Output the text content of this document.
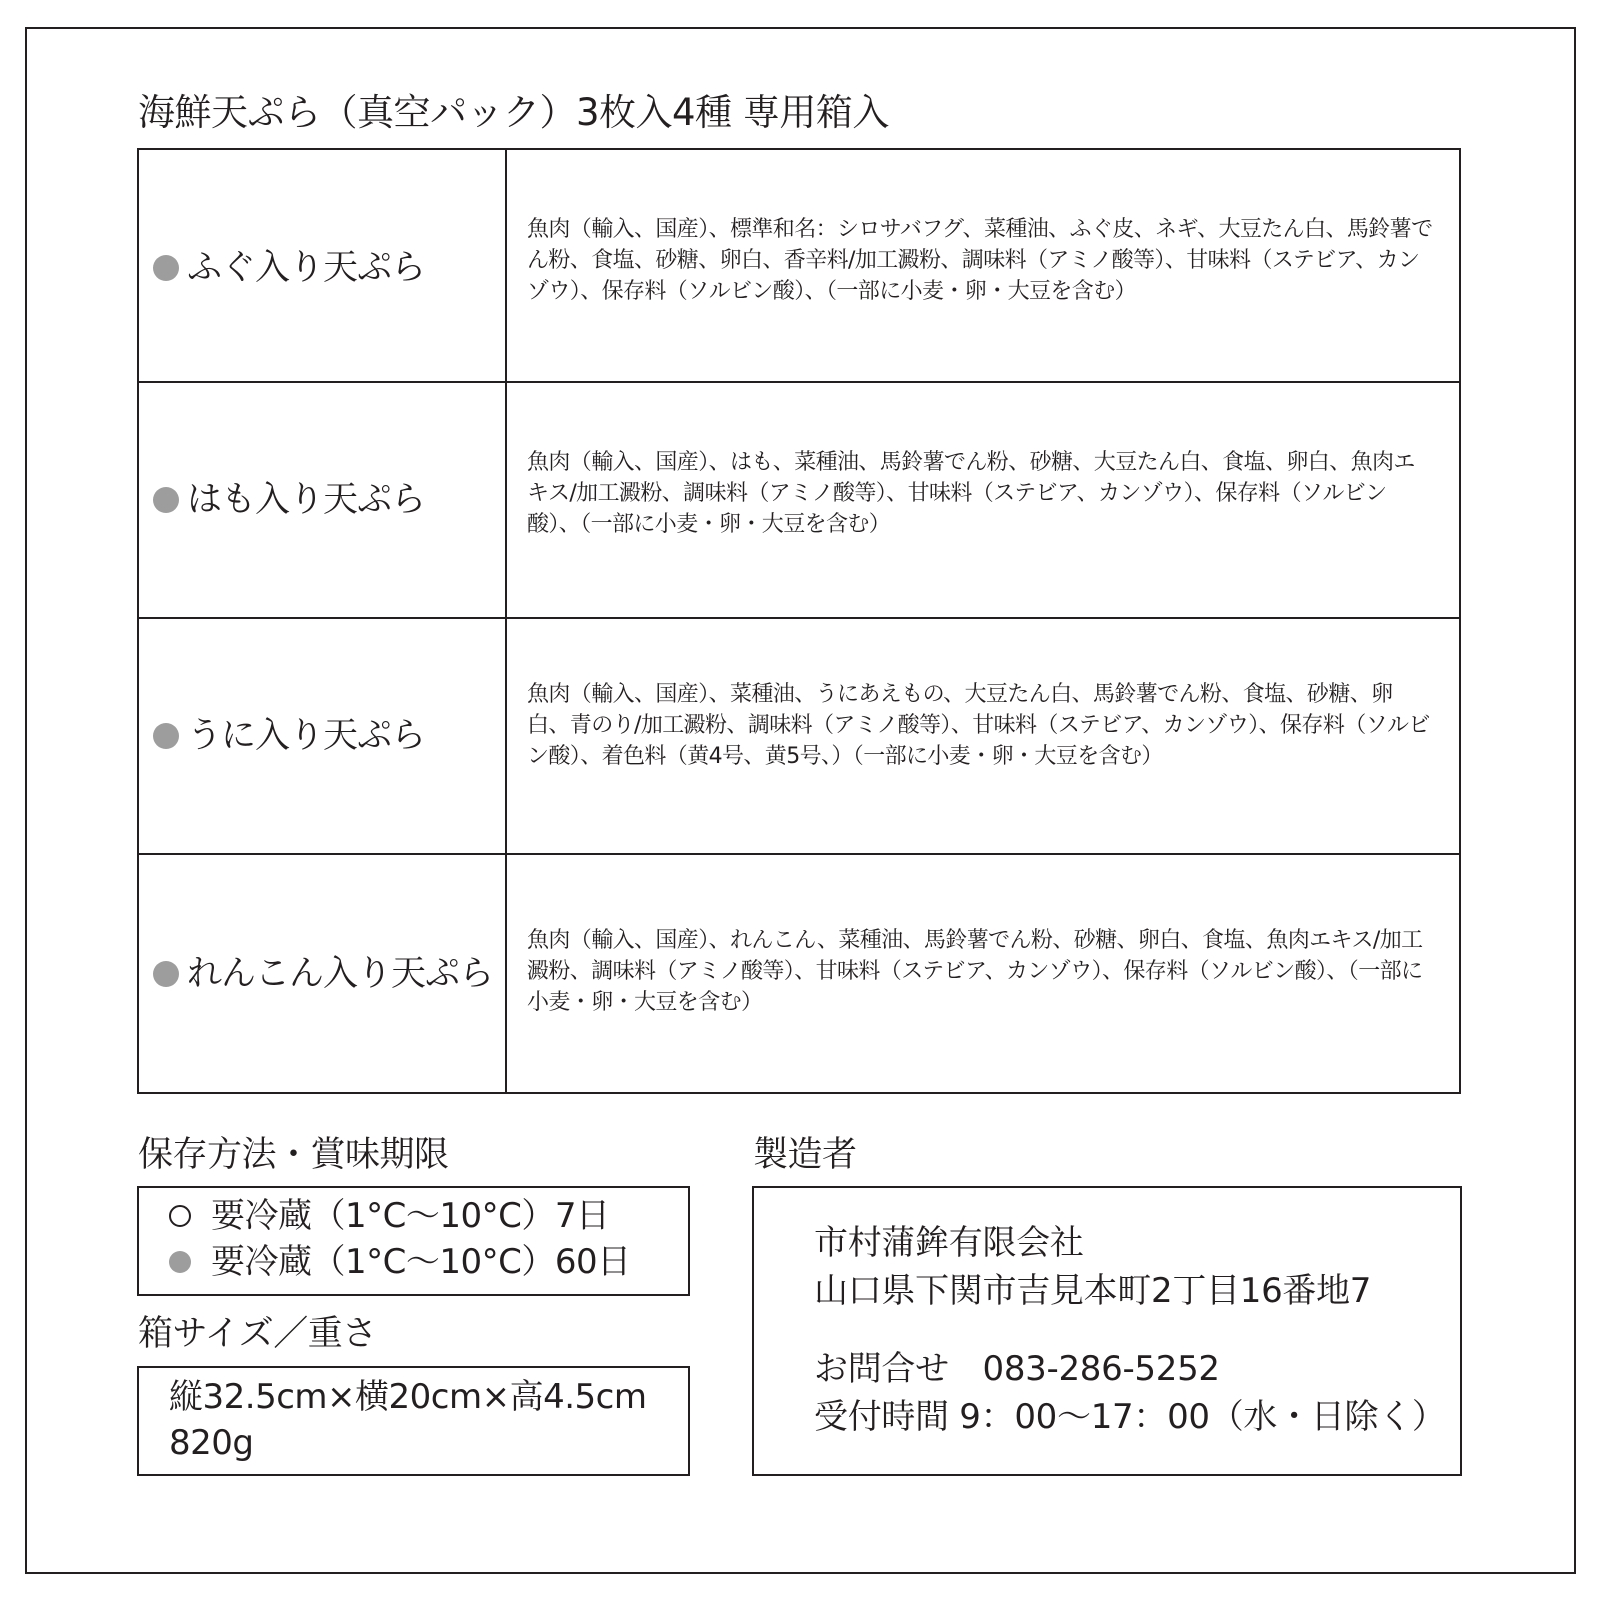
海鮮天ぷら（真空パック）3枚入4種 専用箱入
ふぐ入り天ぷら
魚肉（輸入、国産）、標準和名：シロサバフグ、菜種油、ふぐ皮、ネギ、大豆たん白、馬鈴薯でん粉、食塩、砂糖、卵白、香辛料/加工澱粉、調味料（アミノ酸等）、甘味料（ステビア、カンゾウ）、保存料（ソルビン酸）、（一部に小麦・卵・大豆を含む）
はも入り天ぷら
魚肉（輸入、国産）、はも、菜種油、馬鈴薯でん粉、砂糖、大豆たん白、食塩、卵白、魚肉エキス/加工澱粉、調味料（アミノ酸等）、甘味料（ステビア、カンゾウ）、保存料（ソルビン酸）、（一部に小麦・卵・大豆を含む）
うに入り天ぷら
魚肉（輸入、国産）、菜種油、うにあえもの、大豆たん白、馬鈴薯でん粉、食塩、砂糖、卵白、青のり/加工澱粉、調味料（アミノ酸等）、甘味料（ステビア、カンゾウ）、保存料（ソルビン酸）、着色料（黄4号、黄5号、）（一部に小麦・卵・大豆を含む）
れんこん入り天ぷら
魚肉（輸入、国産）、れんこん、菜種油、馬鈴薯でん粉、砂糖、卵白、食塩、魚肉エキス/加工澱粉、調味料（アミノ酸等）、甘味料（ステビア、カンゾウ）、保存料（ソルビン酸）、（一部に小麦・卵・大豆を含む）
保存方法・賞味期限
要冷蔵（1°C～10°C）7日
要冷蔵（1°C～10°C）60日
箱サイズ／重さ
縦32.5cm×横20cm×高4.5cm
820g
製造者
市村蒲鉾有限会社
山口県下関市吉見本町2丁目16番地7
お問合せ　083-286-5252
受付時間 9：00～17：00（水・日除く）
